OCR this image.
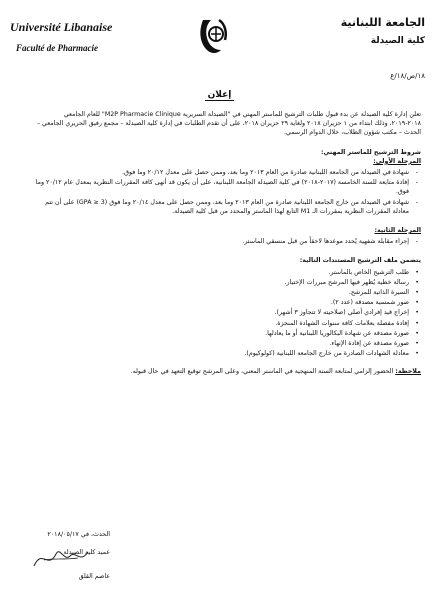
Université Libanaise
Faculté de Pharmacie
الجامعة اللبنانية
كلية الصيدلة
١٨/ص/١٨/ع
إعلان

تعلن إدارة كلية الصيدلة عن بدء قبول طلبات الترشيح للماستر المهني في "الصيدلة السريرية M2P Pharmacie Clinique" للعام الجامعي ٢٠١٨-٢٠١٩، وذلك ابتداء من ١ حزيران ٢٠١٨ ولغاية ٢٩ حزيران ٢٠١٨، على أن تقدم الطلبات في إدارة كلية الصيدلة – مجمع رفيق الحريري الجامعي – الحدث – مكتب شؤون الطلاب، خلال الدوام الرسمي.

شروط الترشيح للماستر المهني:

المرحلة الأولى:

- شهادة في الصيدلة من الجامعة اللبنانية صادرة من العام ٢٠١٣ وما بعد، وممن حصل على معدل ٢٠/١٢ وما فوق.
- إفادة متابعة للسنة الخامسة (٢٠١٧-٢٠١٨) في كلية الصيدلة الجامعة اللبنانية، على أن يكون قد أنهى كافة المقررات النظرية بمعدل عام ٢٠/١٢ وما فوق.
- شهادة في الصيدلة من خارج الجامعة اللبنانية صادرة من العام ٢٠١٣ وما بعد، وممن حصل على معدل ٢٠/١٤ وما فوق (GPA ≥ 3) على أن تتم معادلة المقررات النظرية بمقررات الـ M1 التابع لهذا الماستر والمحدد من قبل كلية الصيدلة.

المرحلة الثانية:

- إجراء مقابلة شفهية يُحدد موعدها لاحقاً من قبل منسقي الماستر.

يتضمن ملف الترشيح المستندات التالية:

• طلب الترشيح الخاص بالماستر.
• رسالة خطية يُظهر فيها المرشح مبررات الإختيار.
• السيرة الذاتية للمرشح.
• صور شمسية مصدقة (عدد ٢).
• إخراج قيد إفرادي أصلي (صلاحيته لا تتجاوز ٣ أشهر).
• إفادة مفصلة بعلامات كافة سنوات الشهادة المنجزة.
• صورة مصدقة عن شهادة البكالوريا اللبنانية أو ما يعادلها.
• صورة مصدقة عن إفادة الإنهاء.
• معادلة الشهادات الصادرة من خارج الجامعة اللبنانية (كولوكيوم).

ملاحظة: الحضور إلزامي لمتابعة السنة المنهجية في الماستر المعني، وعلى المرشح توقيع التعهد في حال قبوله.

الحدث، في ٢٠١٨/٠٥/١٧
عميد كلية الصيدلة
عاصم القلق
